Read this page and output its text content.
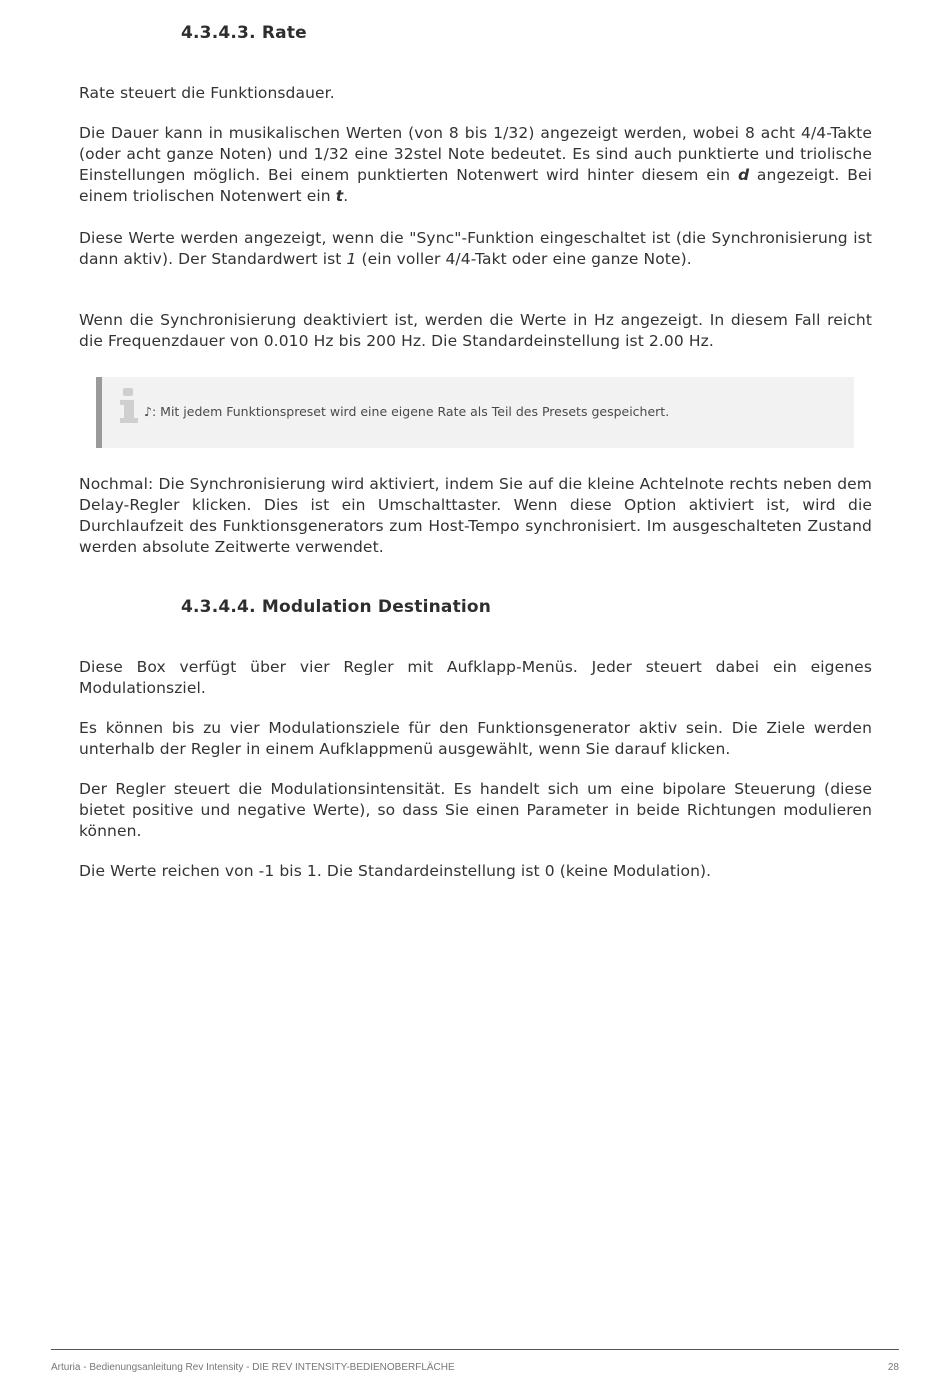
4.3.4.3. Rate

Rate steuert die Funktionsdauer.

Die Dauer kann in musikalischen Werten (von 8 bis 1/32) angezeigt werden, wobei 8 acht 4/4-Takte (oder acht ganze Noten) und 1/32 eine 32stel Note bedeutet. Es sind auch punktierte und triolische Einstellungen möglich. Bei einem punktierten Notenwert wird hinter diesem ein d angezeigt. Bei einem triolischen Notenwert ein t.

Diese Werte werden angezeigt, wenn die "Sync"-Funktion eingeschaltet ist (die Synchronisierung ist dann aktiv). Der Standardwert ist 1 (ein voller 4/4-Takt oder eine ganze Note).

Wenn die Synchronisierung deaktiviert ist, werden die Werte in Hz angezeigt. In diesem Fall reicht die Frequenzdauer von 0.010 Hz bis 200 Hz. Die Standardeinstellung ist 2.00 Hz.

♪: Mit jedem Funktionspreset wird eine eigene Rate als Teil des Presets gespeichert.

Nochmal: Die Synchronisierung wird aktiviert, indem Sie auf die kleine Achtelnote rechts neben dem Delay-Regler klicken. Dies ist ein Umschalttaster. Wenn diese Option aktiviert ist, wird die Durchlaufzeit des Funktionsgenerators zum Host-Tempo synchronisiert. Im ausgeschalteten Zustand werden absolute Zeitwerte verwendet.

4.3.4.4. Modulation Destination

Diese Box verfügt über vier Regler mit Aufklapp-Menüs. Jeder steuert dabei ein eigenes Modulationsziel.

Es können bis zu vier Modulationsziele für den Funktionsgenerator aktiv sein. Die Ziele werden unterhalb der Regler in einem Aufklappmenü ausgewählt, wenn Sie darauf klicken.

Der Regler steuert die Modulationsintensität. Es handelt sich um eine bipolare Steuerung (diese bietet positive und negative Werte), so dass Sie einen Parameter in beide Richtungen modulieren können.

Die Werte reichen von -1 bis 1. Die Standardeinstellung ist 0 (keine Modulation).

Arturia - Bedienungsanleitung Rev Intensity - DIE REV INTENSITY-BEDIENOBERFLÄCHE	28
